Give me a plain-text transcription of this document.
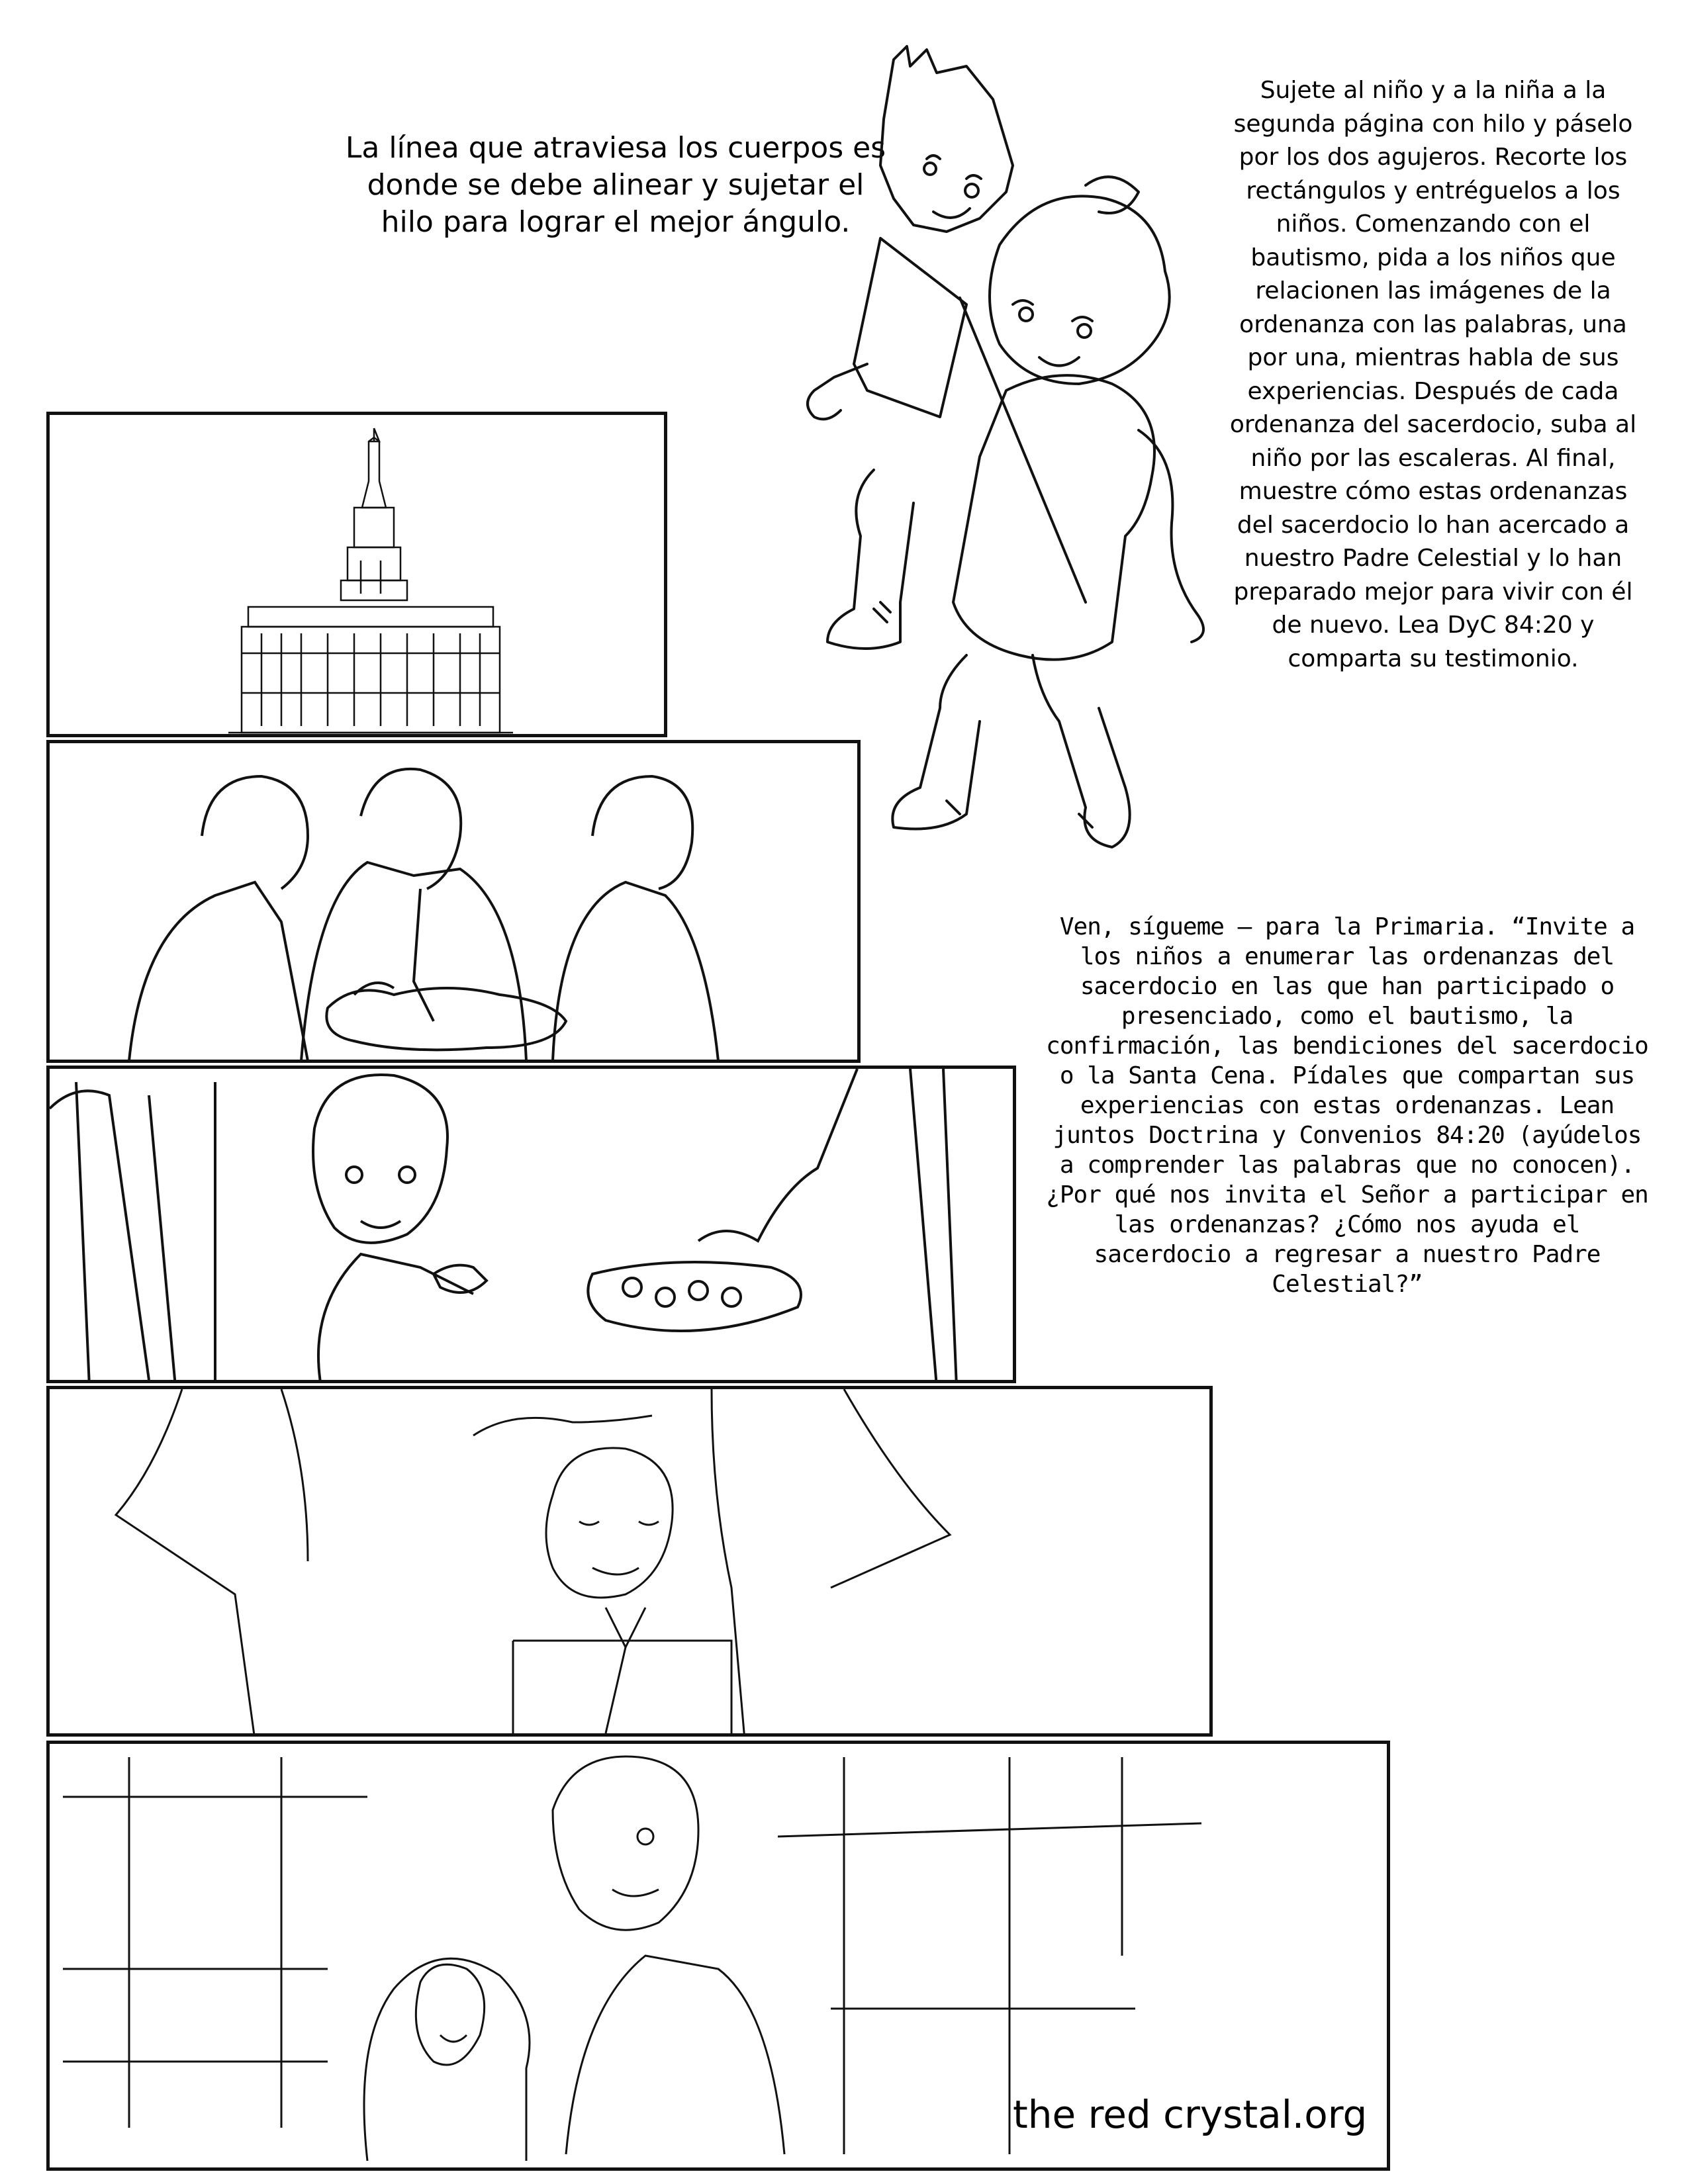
La línea que atraviesa los cuerpos es donde se debe alinear y sujetar el hilo para lograr el mejor ángulo.
Sujete al niño y a la niña a la segunda página con hilo y páselo por los dos agujeros. Recorte los rectángulos y entréguelos a los niños. Comenzando con el bautismo, pida a los niños que relacionen las imágenes de la ordenanza con las palabras, una por una, mientras habla de sus experiencias. Después de cada ordenanza del sacerdocio, suba al niño por las escaleras. Al final, muestre cómo estas ordenanzas del sacerdocio lo han acercado a nuestro Padre Celestial y lo han preparado mejor para vivir con él de nuevo. Lea DyC 84:20 y comparta su testimonio.
Ven, sígueme – para la Primaria. “Invite a los niños a enumerar las ordenanzas del sacerdocio en las que han participado o presenciado, como el bautismo, la confirmación, las bendiciones del sacerdocio o la Santa Cena. Pídales que compartan sus experiencias con estas ordenanzas. Lean juntos Doctrina y Convenios 84:20 (ayúdelos a comprender las palabras que no conocen). ¿Por qué nos invita el Señor a participar en las ordenanzas? ¿Cómo nos ayuda el sacerdocio a regresar a nuestro Padre Celestial?”
the red crystal.org
